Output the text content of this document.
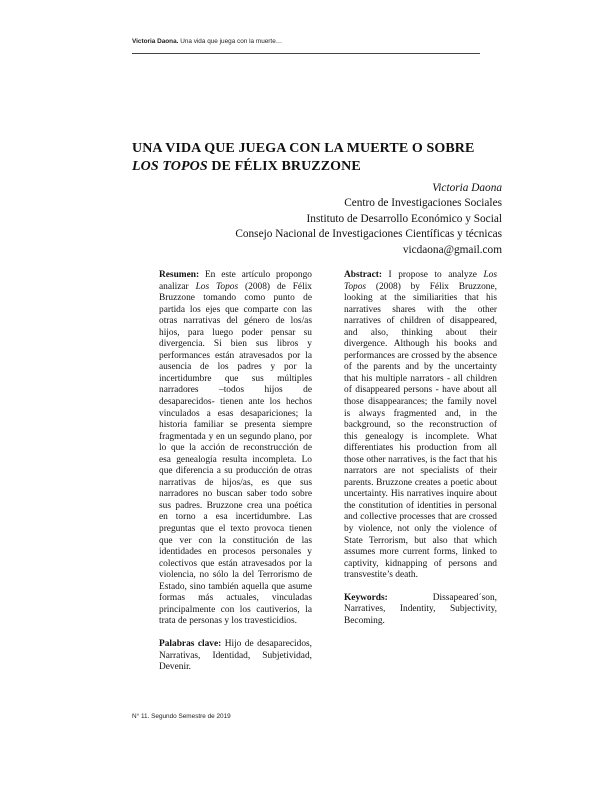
Victoria Daona. Una vida que juega con la muerte…
UNA VIDA QUE JUEGA CON LA MUERTE O SOBRE
LOS TOPOS DE FÉLIX BRUZZONE
Victoria Daona
Centro de Investigaciones Sociales
Instituto de Desarrollo Económico y Social
Consejo Nacional de Investigaciones Científicas y técnicas
vicdaona@gmail.com

Resumen: En este artículo propongo analizar Los Topos (2008) de Félix Bruzzone tomando como punto de partida los ejes que comparte con las otras narrativas del género de los/as hijos, para luego poder pensar su divergencia. Si bien sus libros y performances están atravesados por la ausencia de los padres y por la incertidumbre que sus múltiples narradores –todos hijos de desaparecidos- tienen ante los hechos vinculados a esas desapariciones; la historia familiar se presenta siempre fragmentada y en un segundo plano, por lo que la acción de reconstrucción de esa genealogía resulta incompleta. Lo que diferencia a su producción de otras narrativas de hijos/as, es que sus narradores no buscan saber todo sobre sus padres. Bruzzone crea una poética en torno a esa incertidumbre. Las preguntas que el texto provoca tienen que ver con la constitución de las identidades en procesos personales y colectivos que están atravesados por la violencia, no sólo la del Terrorismo de Estado, sino también aquella que asume formas más actuales, vinculadas principalmente con los cautiverios, la trata de personas y los travesticidios.

Palabras clave: Hijo de desaparecidos, Narrativas, Identidad, Subjetividad, Devenir.

Abstract: I propose to analyze Los Topos (2008) by Félix Bruzzone, looking at the similiarities that his narratives shares with the other narratives of children of disappeared, and also, thinking about their divergence. Although his books and performances are crossed by the absence of the parents and by the uncertainty that his multiple narrators - all children of disappeared persons - have about all those disappearances; the family novel is always fragmented and, in the background, so the reconstruction of this genealogy is incomplete. What differentiates his production from all those other narratives, is the fact that his narrators are not specialists of their parents. Bruzzone creates a poetic about uncertainty. His narratives inquire about the constitution of identities in personal and collective processes that are crossed by violence, not only the violence of State Terrorism, but also that which assumes more current forms, linked to captivity, kidnapping of persons and transvestite’s death.

Keywords: Dissapeared´son, Narratives, Indentity, Subjectivity, Becoming.

N° 11. Segundo Semestre de 2019
